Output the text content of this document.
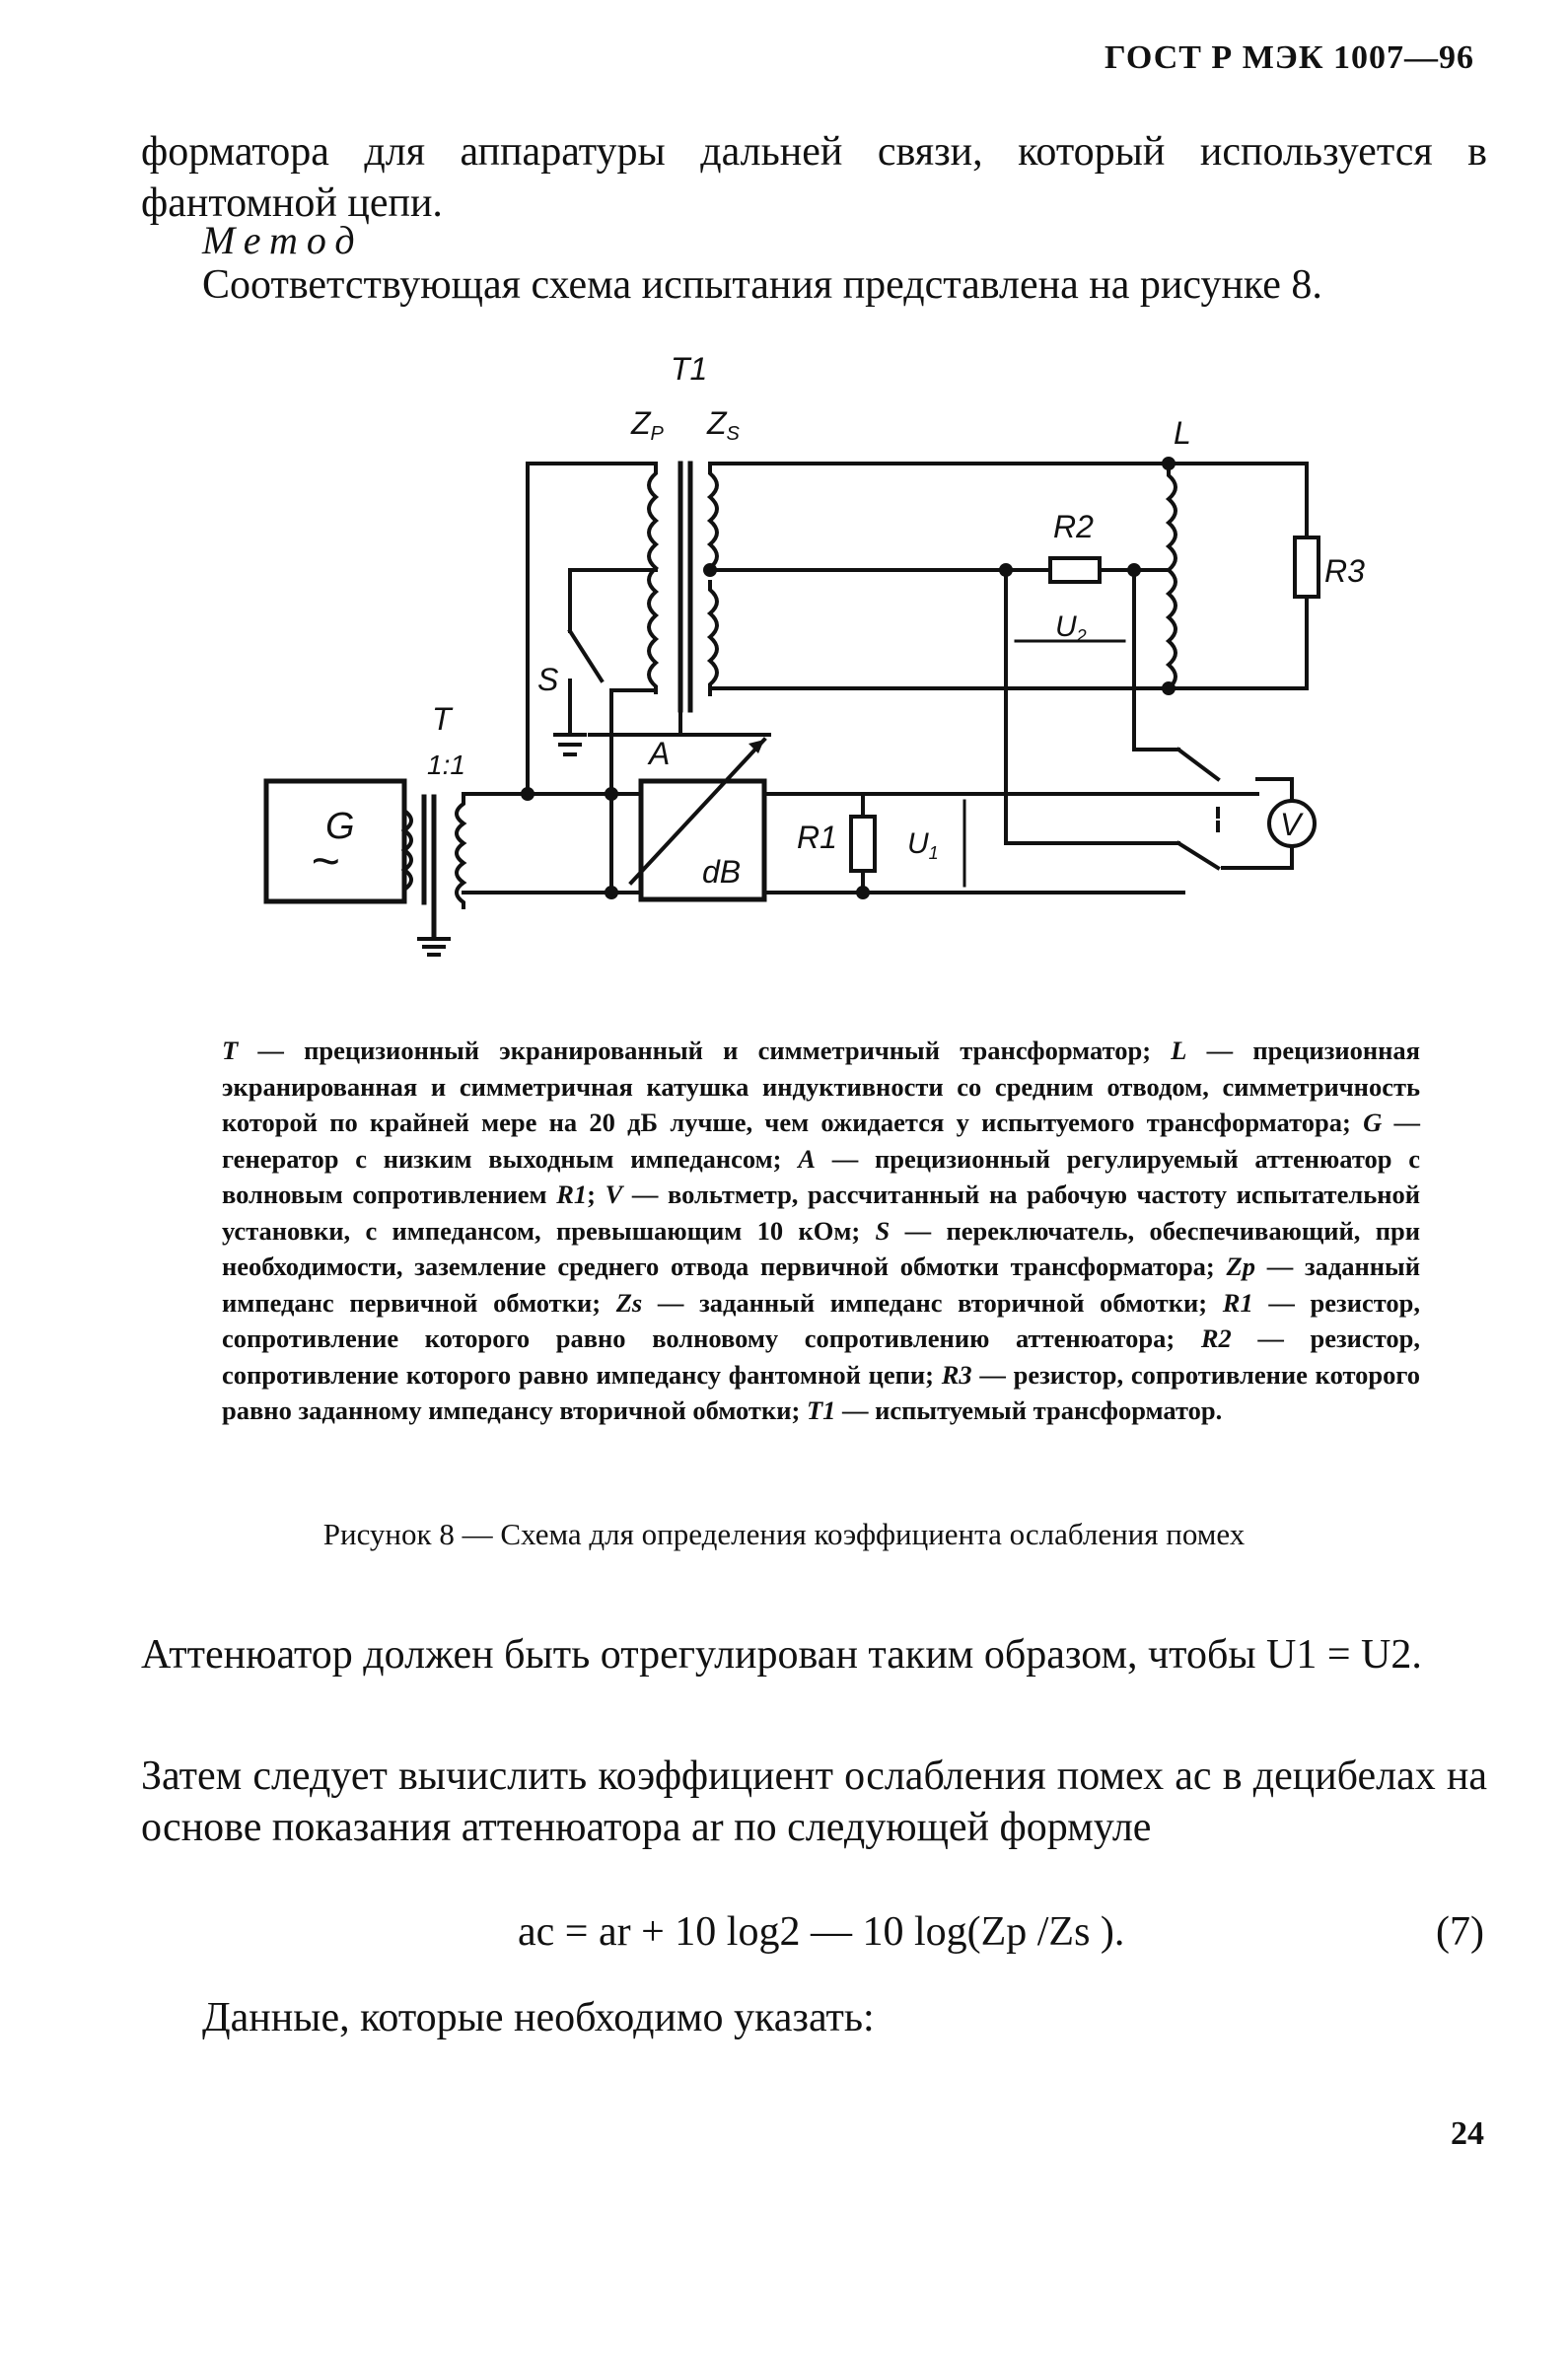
ГОСТ Р МЭК 1007—96
форматора для аппаратуры дальней связи, который используется в фантомной цепи.
Метод
Соответствующая схема испытания представлена на рисунке 8.
G
~
T
1:1
S
ZP ZS
T1
R2
$U_2$
L
R3
A
dB
R1 $U_1$
V
T — прецизионный экранированный и симметричный трансформатор; L — прецизионная экранированная и симметричная катушка индуктивности со средним отводом, симметричность которой по крайней мере на 20 дБ лучше, чем ожидается у испытуемого трансформатора; G — генератор с низким выходным импедансом; A — прецизионный регулируемый аттенюатор с волновым сопротивлением R1; V — вольтметр, рассчитанный на рабочую частоту испытательной установки, с импедансом, превышающим 10 кОм; S — переключатель, обеспечивающий, при необходимости, заземление среднего отвода первичной обмотки трансформатора; Zp — заданный импеданс первичной обмотки; Zs — заданный импеданс вторичной обмотки; R1 — резистор, сопротивление которого равно волновому сопротивлению аттенюатора; R2 — резистор, сопротивление которого равно импедансу фантомной цепи; R3 — резистор, сопротивление которого равно заданному импедансу вторичной обмотки; T1 — испытуемый трансформатор.
Рисунок 8 — Схема для определения коэффициента ослабления помех
Аттенюатор должен быть отрегулирован таким образом, чтобы U1 = U2.
Затем следует вычислить коэффициент ослабления помех ac в децибелах на основе показания аттенюатора ar по следующей формуле
ac = ar + 10 log2 — 10 log(Zp /Zs ).	(7)
Данные, которые необходимо указать:
24
